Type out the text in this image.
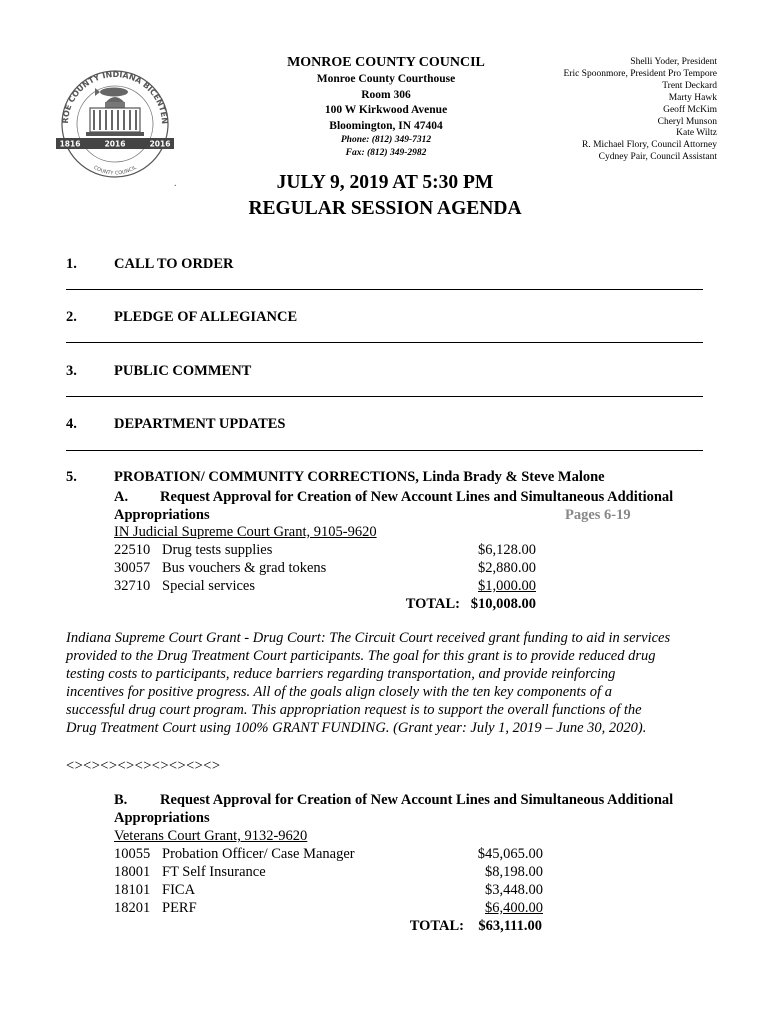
ROE COUNTY INDIANA BICENTEN
1816	2016	2016
COUNTY COUNCIL
MONROE COUNTY COUNCIL
Monroe County Courthouse
Room 306
100 W Kirkwood Avenue
Bloomington, IN 47404
Phone: (812) 349-7312
Fax: (812) 349-2982
Shelli Yoder, President
Eric Spoonmore, President Pro Tempore
Trent Deckard
Marty Hawk
Geoff McKim
Cheryl Munson
Kate Wiltz
R. Michael Flory, Council Attorney
Cydney Pair, Council Assistant
.	JULY 9, 2019 AT 5:30 PM
REGULAR SESSION AGENDA
1.	CALL TO ORDER
2.	PLEDGE OF ALLEGIANCE
3.	PUBLIC COMMENT
4.	DEPARTMENT UPDATES
5.	PROBATION/ COMMUNITY CORRECTIONS, Linda Brady & Steve Malone
A. Request Approval for Creation of New Account Lines and Simultaneous Additional
Appropriations	Pages 6-19
IN Judicial Supreme Court Grant, 9105-9620
22510 Drug tests supplies	$6,128.00
30057 Bus vouchers & grad tokens	$2,880.00
32710 Special services	$1,000.00
TOTAL: $10,008.00
Indiana Supreme Court Grant - Drug Court: The Circuit Court received grant funding to aid in services
provided to the Drug Treatment Court participants. The goal for this grant is to provide reduced drug
testing costs to participants, reduce barriers regarding transportation, and provide reinforcing
incentives for positive progress. All of the goals align closely with the ten key components of a
successful drug court program. This appropriation request is to support the overall functions of the
Drug Treatment Court using 100% GRANT FUNDING. (Grant year: July 1, 2019 – June 30, 2020).
<><><><><><><><><>
B. Request Approval for Creation of New Account Lines and Simultaneous Additional
Appropriations
Veterans Court Grant, 9132-9620
10055 Probation Officer/ Case Manager	$45,065.00
18001 FT Self Insurance	$8,198.00
18101 FICA	$3,448.00
18201 PERF	$6,400.00
TOTAL: $63,111.00
